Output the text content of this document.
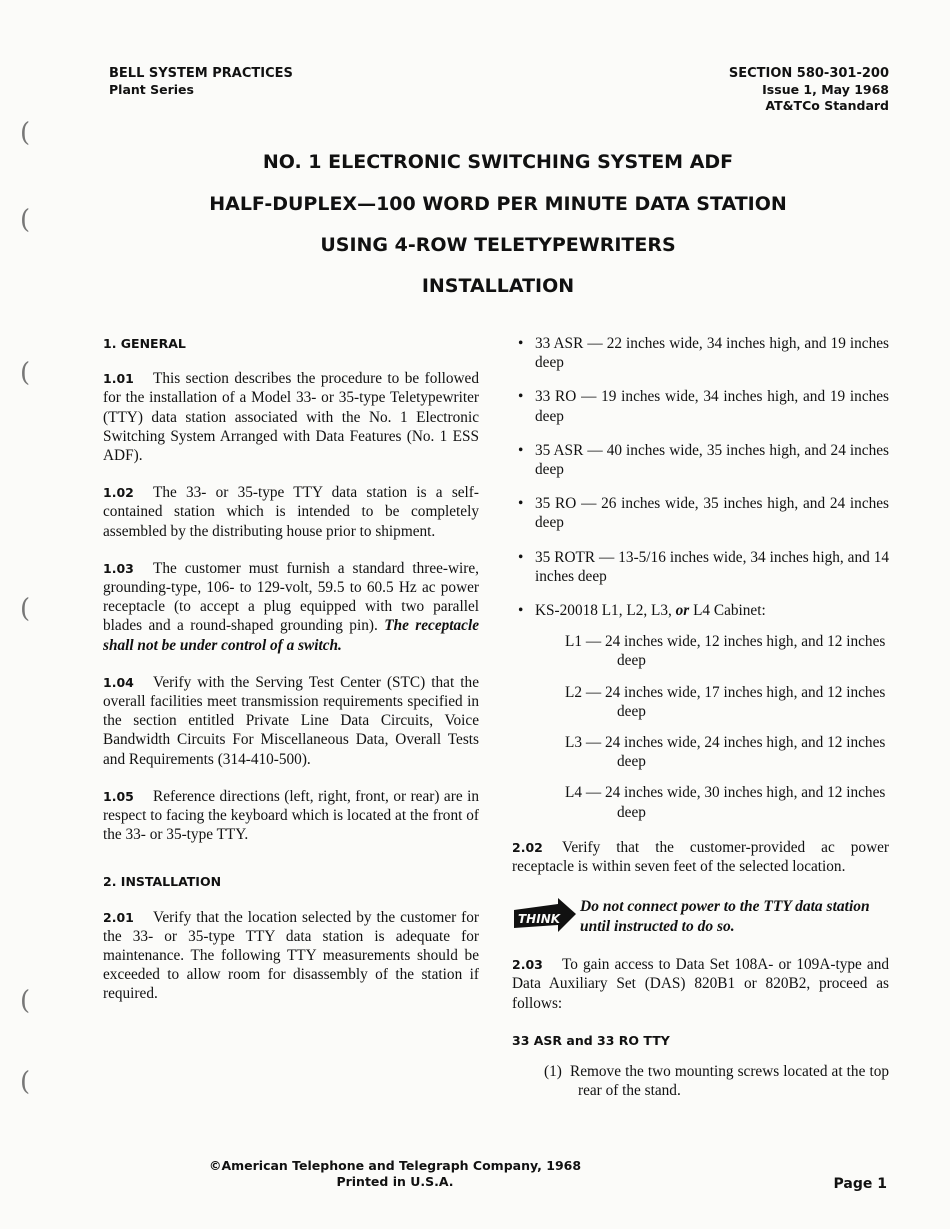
BELL SYSTEM PRACTICES
Plant Series
SECTION 580-301-200
Issue 1, May 1968
AT&TCo Standard
(
(
(
(
(
(
NO. 1 ELECTRONIC SWITCHING SYSTEM ADF
HALF-DUPLEX—100 WORD PER MINUTE DATA STATION
USING 4-ROW TELETYPEWRITERS
INSTALLATION
1. GENERAL

1.01 This section describes the procedure to be followed for the installation of a Model 33- or 35-type Teletypewriter (TTY) data station associated with the No. 1 Electronic Switching System Arranged with Data Features (No. 1 ESS ADF).

1.02 The 33- or 35-type TTY data station is a self-contained station which is intended to be completely assembled by the distributing house prior to shipment.

1.03 The customer must furnish a standard three-wire, grounding-type, 106- to 129-volt, 59.5 to 60.5 Hz ac power receptacle (to accept a plug equipped with two parallel blades and a round-shaped grounding pin). The receptacle shall not be under control of a switch.

1.04 Verify with the Serving Test Center (STC) that the overall facilities meet transmission requirements specified in the section entitled Private Line Data Circuits, Voice Bandwidth Circuits For Miscellaneous Data, Overall Tests and Requirements (314-410-500).

1.05 Reference directions (left, right, front, or rear) are in respect to facing the keyboard which is located at the front of the 33- or 35-type TTY.

2. INSTALLATION

2.01 Verify that the location selected by the customer for the 33- or 35-type TTY data station is adequate for maintenance. The following TTY measurements should be exceeded to allow room for disassembly of the station if required.

• 33 ASR — 22 inches wide, 34 inches high, and 19 inches deep
• 33 RO — 19 inches wide, 34 inches high, and 19 inches deep
• 35 ASR — 40 inches wide, 35 inches high, and 24 inches deep
• 35 RO — 26 inches wide, 35 inches high, and 24 inches deep
• 35 ROTR — 13-5/16 inches wide, 34 inches high, and 14 inches deep
• KS-20018 L1, L2, L3, or L4 Cabinet:
L1 — 24 inches wide, 12 inches high, and 12 inches deep
L2 — 24 inches wide, 17 inches high, and 12 inches deep
L3 — 24 inches wide, 24 inches high, and 12 inches deep
L4 — 24 inches wide, 30 inches high, and 12 inches deep

2.02 Verify that the customer-provided ac power receptacle is within seven feet of the selected location.

THINK
Do not connect power to the TTY data station until instructed to do so.

2.03 To gain access to Data Set 108A- or 109A-type and Data Auxiliary Set (DAS) 820B1 or 820B2, proceed as follows:

33 ASR and 33 RO TTY

(1) Remove the two mounting screws located at the top rear of the stand.

©American Telephone and Telegraph Company, 1968
Printed in U.S.A.	Page 1
